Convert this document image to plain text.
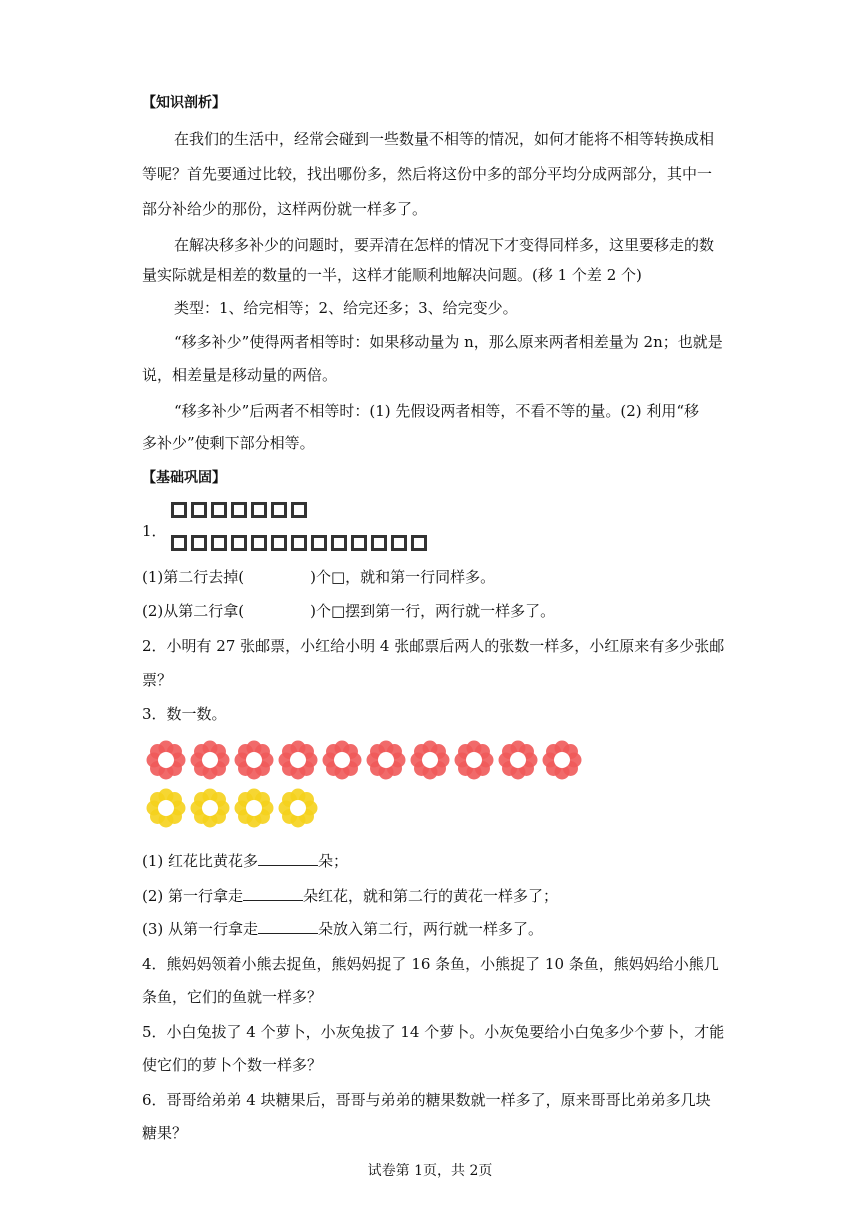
【知识剖析】
在我们的生活中，经常会碰到一些数量不相等的情况，如何才能将不相等转换成相
等呢？首先要通过比较，找出哪份多，然后将这份中多的部分平均分成两部分，其中一
部分补给少的那份，这样两份就一样多了。
在解决移多补少的问题时，要弄清在怎样的情况下才变得同样多，这里要移走的数
量实际就是相差的数量的一半，这样才能顺利地解决问题。(移 1 个差 2 个)
类型：1、给完相等；2、给完还多；3、给完变少。
“移多补少”使得两者相等时：如果移动量为 n，那么原来两者相差量为 2n；也就是
说，相差量是移动量的两倍。
“移多补少”后两者不相等时：(1) 先假设两者相等，不看不等的量。(2) 利用“移
多补少”使剩下部分相等。
【基础巩固】
1．
(1)第二行去掉(	)个□，就和第一行同样多。
(2)从第二行拿(	)个□摆到第一行，两行就一样多了。
2．小明有 27 张邮票，小红给小明 4 张邮票后两人的张数一样多，小红原来有多少张邮
票？
3．数一数。
(1) 红花比黄花多	朵；
(2) 第一行拿走	朵红花，就和第二行的黄花一样多了；
(3) 从第一行拿走	朵放入第二行，两行就一样多了。
4．熊妈妈领着小熊去捉鱼，熊妈妈捉了 16 条鱼，小熊捉了 10 条鱼，熊妈妈给小熊几
条鱼，它们的鱼就一样多？
5．小白兔拔了 4 个萝卜，小灰兔拔了 14 个萝卜。小灰兔要给小白兔多少个萝卜，才能
使它们的萝卜个数一样多？
6．哥哥给弟弟 4 块糖果后，哥哥与弟弟的糖果数就一样多了，原来哥哥比弟弟多几块
糖果？
试卷第 1页，共 2页
